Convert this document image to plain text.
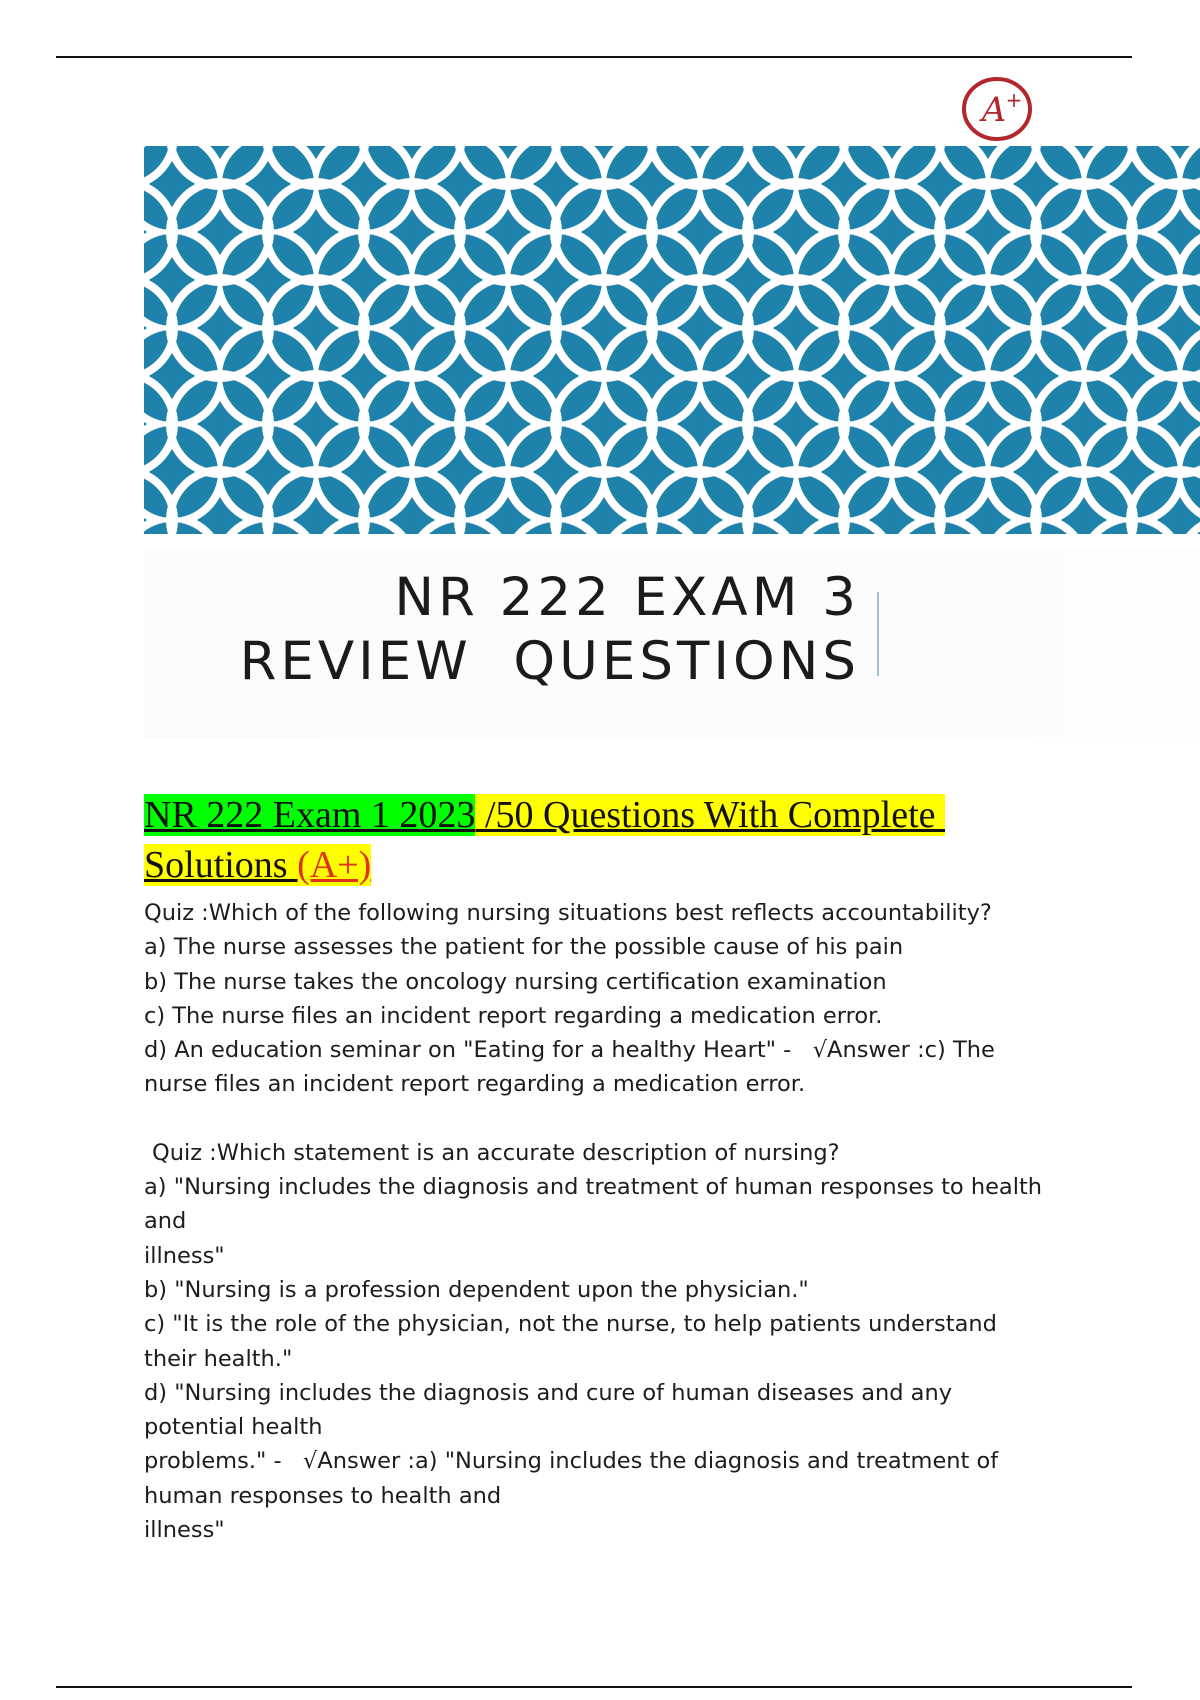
A +
NR 222 EXAM 3
REVIEW  QUESTIONS
NR 222 Exam 1 2023 /50 Questions With Complete
Solutions (A+)

Quiz :Which of the following nursing situations best reflects accountability?

a) The nurse assesses the patient for the possible cause of his pain

b) The nurse takes the oncology nursing certification examination

c) The nurse files an incident report regarding a medication error.

d) An education seminar on "Eating for a healthy Heart" -   √Answer :c) The

nurse files an incident report regarding a medication error.

Quiz :Which statement is an accurate description of nursing?

a) "Nursing includes the diagnosis and treatment of human responses to health

and

illness"

b) "Nursing is a profession dependent upon the physician."

c) "It is the role of the physician, not the nurse, to help patients understand

their health."

d) "Nursing includes the diagnosis and cure of human diseases and any

potential health

problems." -   √Answer :a) "Nursing includes the diagnosis and treatment of

human responses to health and

illness"
